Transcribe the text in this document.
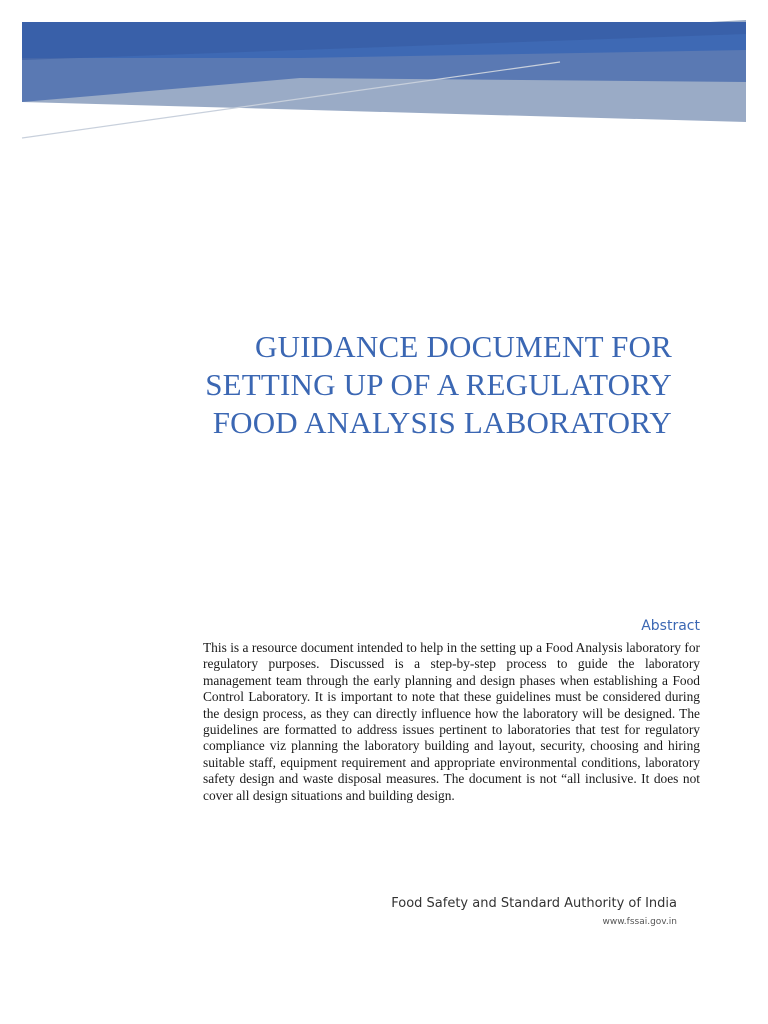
GUIDANCE DOCUMENT FOR
SETTING UP OF A REGULATORY
FOOD ANALYSIS LABORATORY
Abstract
This is a resource document intended to help in the setting up a Food Analysis laboratory for regulatory purposes. Discussed is a step-by-step process to guide the laboratory management team through the early planning and design phases when establishing a Food Control Laboratory. It is important to note that these guidelines must be considered during the design process, as they can directly influence how the laboratory will be designed. The guidelines are formatted to address issues pertinent to laboratories that test for regulatory compliance viz planning the laboratory building and layout, security, choosing and hiring suitable staff, equipment requirement and appropriate environmental conditions, laboratory safety design and waste disposal measures. The document is not “all inclusive. It does not cover all design situations and building design.
Food Safety and Standard Authority of India
www.fssai.gov.in
